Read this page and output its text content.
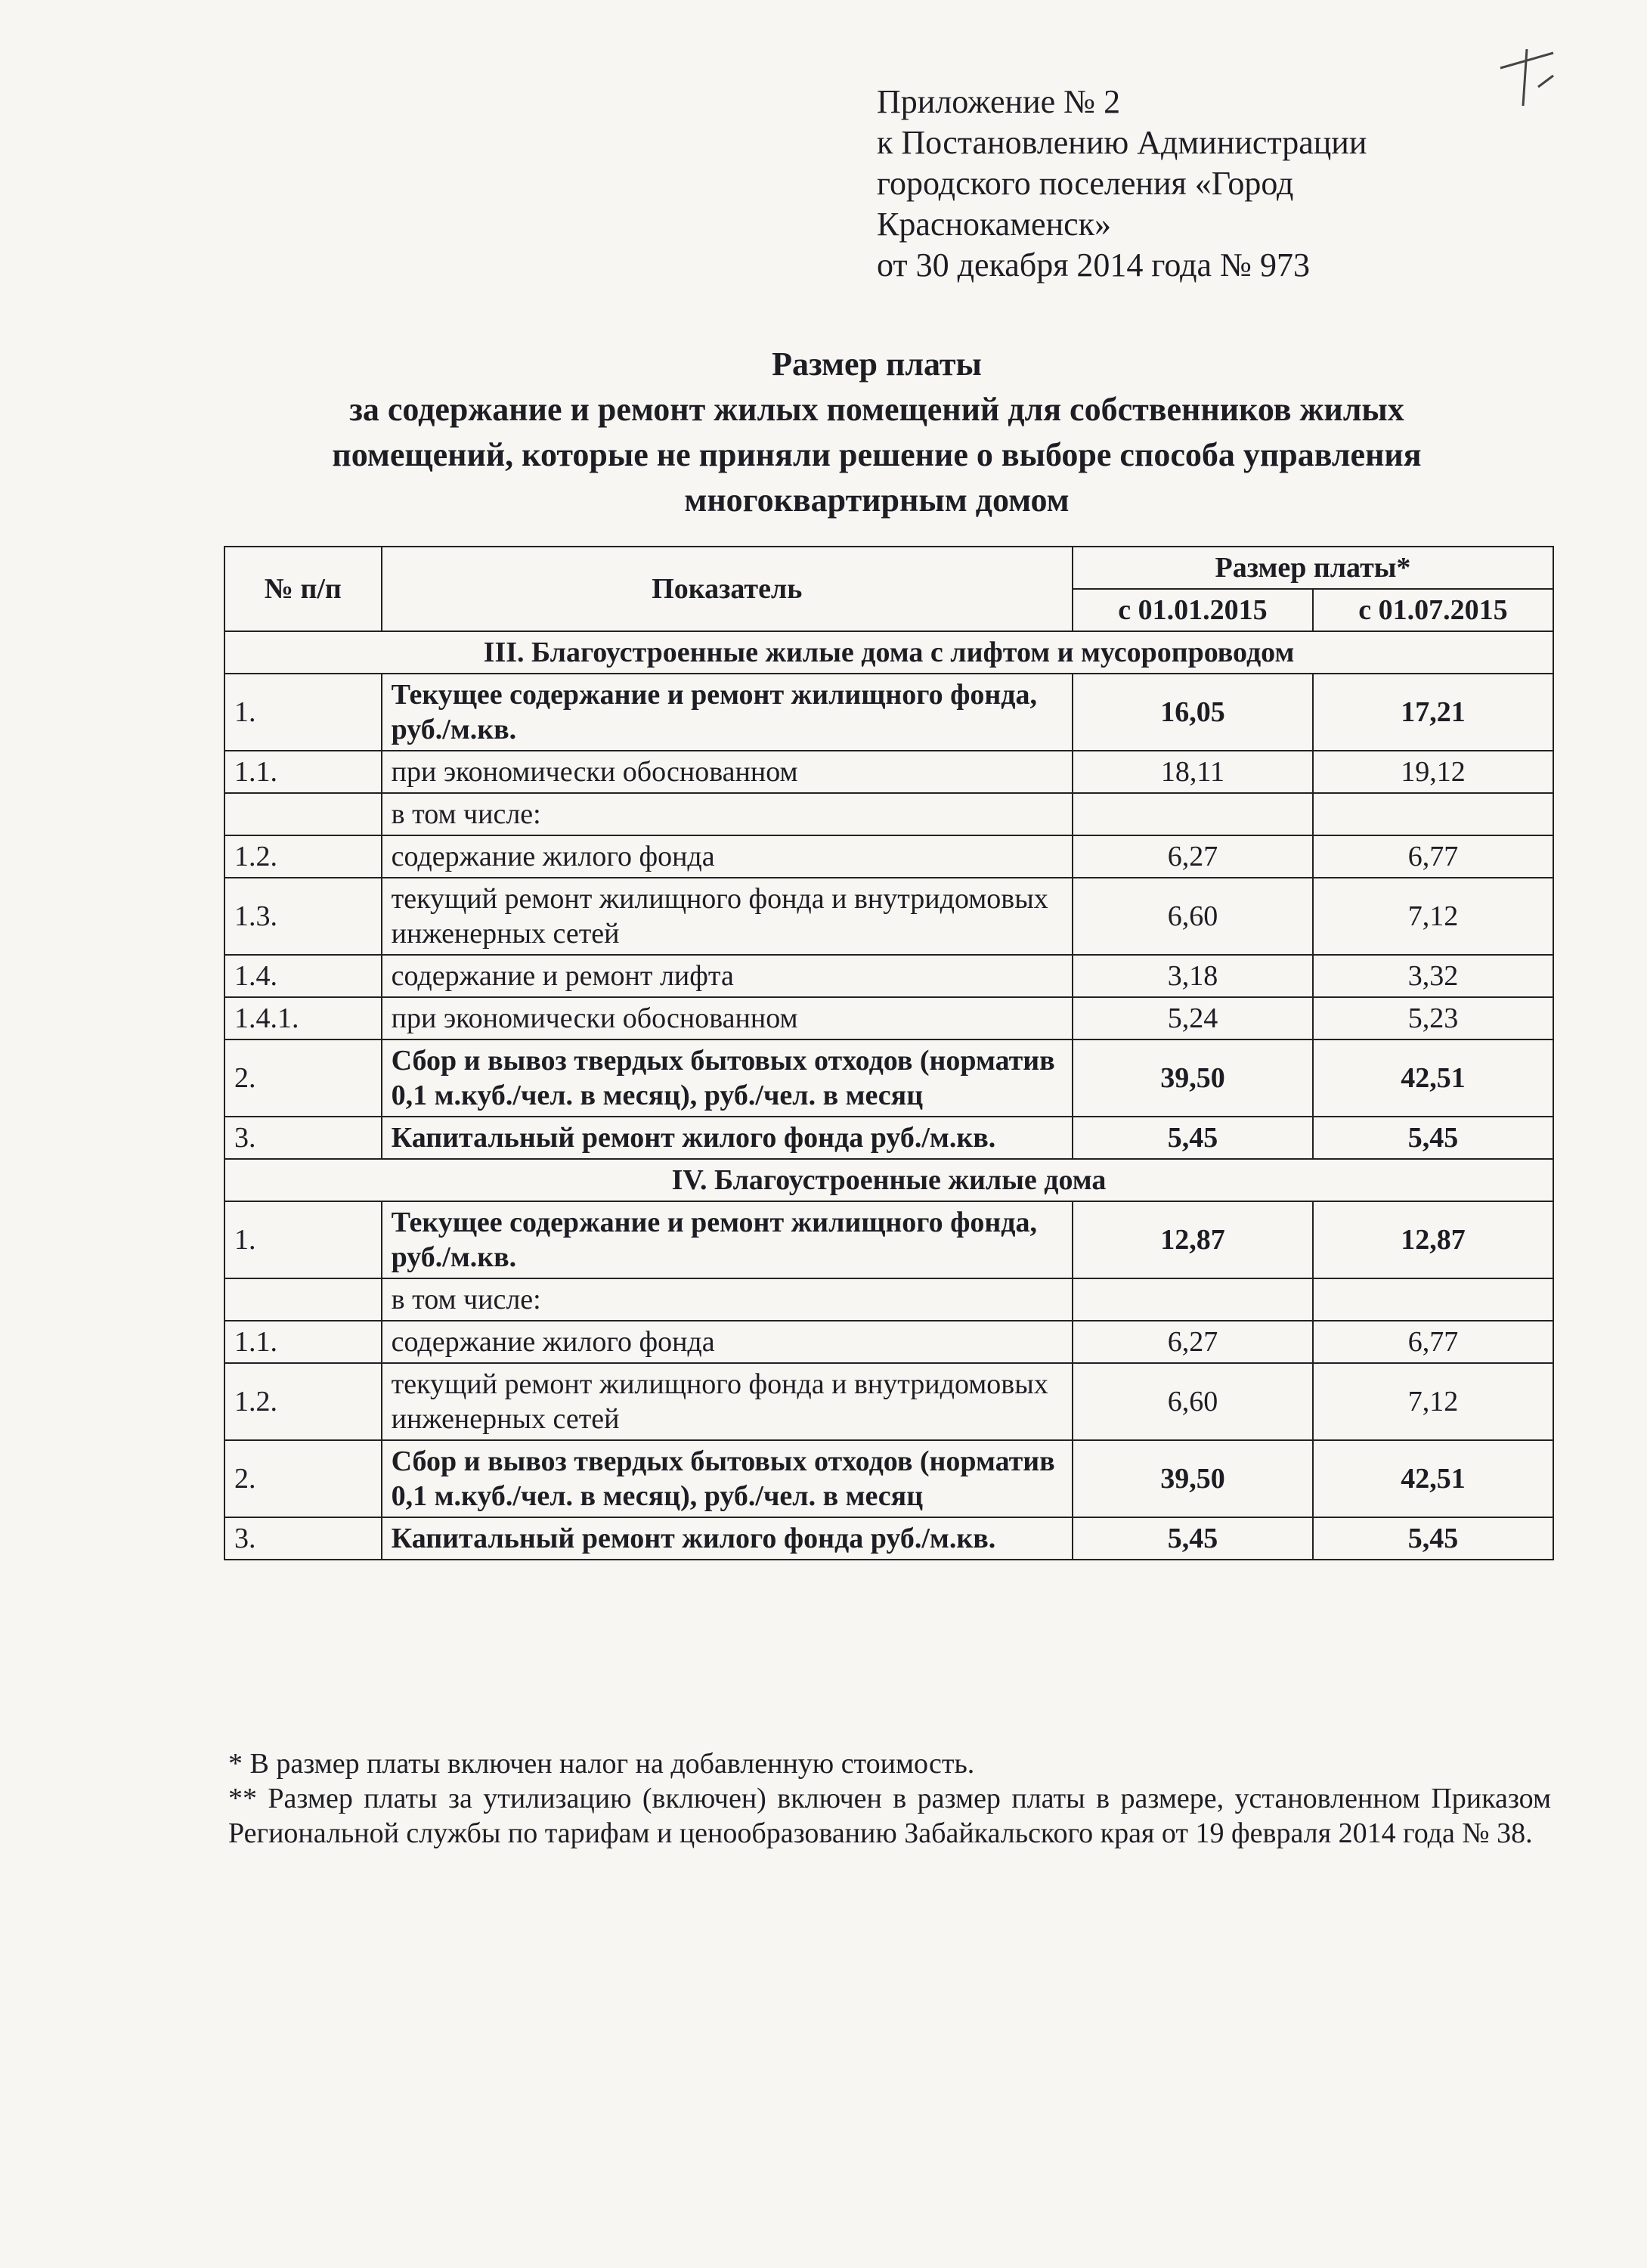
Приложение № 2
к Постановлению Администрации
городского поселения «Город
Краснокаменск»
от 30 декабря 2014 года № 973
Размер платы
за содержание и ремонт жилых помещений для собственников жилых
помещений, которые не приняли решение о выборе способа управления
многоквартирным домом
№ п/п	Показатель	Размер платы*	
		с 01.01.2015	с 01.07.2015
III. Благоустроенные жилые дома с лифтом и мусоропроводом			
1.	Текущее содержание и ремонт жилищного фонда, руб./м.кв.	16,05	17,21
1.1.	при экономически обоснованном	18,11	19,12
	в том числе:		
1.2.	содержание жилого фонда	6,27	6,77
1.3.	текущий ремонт жилищного фонда и внутридомовых инженерных сетей	6,60	7,12
1.4.	содержание и ремонт лифта	3,18	3,32
1.4.1.	при экономически обоснованном	5,24	5,23
2.	Сбор и вывоз твердых бытовых отходов (норматив 0,1 м.куб./чел. в месяц), руб./чел. в месяц	39,50	42,51
3.	Капитальный ремонт жилого фонда руб./м.кв.	5,45	5,45
IV. Благоустроенные жилые дома			
1.	Текущее содержание и ремонт жилищного фонда, руб./м.кв.	12,87	12,87
	в том числе:		
1.1.	содержание жилого фонда	6,27	6,77
1.2.	текущий ремонт жилищного фонда и внутридомовых инженерных сетей	6,60	7,12
2.	Сбор и вывоз твердых бытовых отходов (норматив 0,1 м.куб./чел. в месяц), руб./чел. в месяц	39,50	42,51
3.	Капитальный ремонт жилого фонда руб./м.кв.	5,45	5,45

* В размер платы включен налог на добавленную стоимость.

** Размер платы за утилизацию (включен) включен в размер платы в размере, установленном Приказом Региональной службы по тарифам и ценообразованию Забайкальского края от 19 февраля 2014 года № 38.
